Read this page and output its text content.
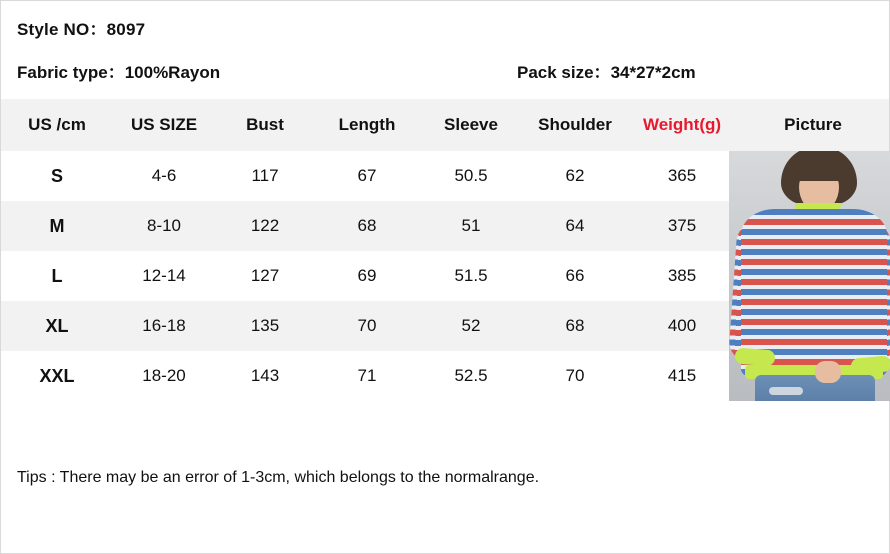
Style NO：8097
Fabric type：100%Rayon	Pack size：34*27*2cm
US /cm	US SIZE	Bust	Length	Sleeve	Shoulder	Weight(g)	Picture
S	4-6	117	67	50.5	62	365	

M	8-10	122	68	51	64	375	
L	12-14	127	69	51.5	66	385	
XL	16-18	135	70	52	68	400	
XXL	18-20	143	71	52.5	70	415	
Tips : There may be an error of 1-3cm, which belongs to the normalrange.
